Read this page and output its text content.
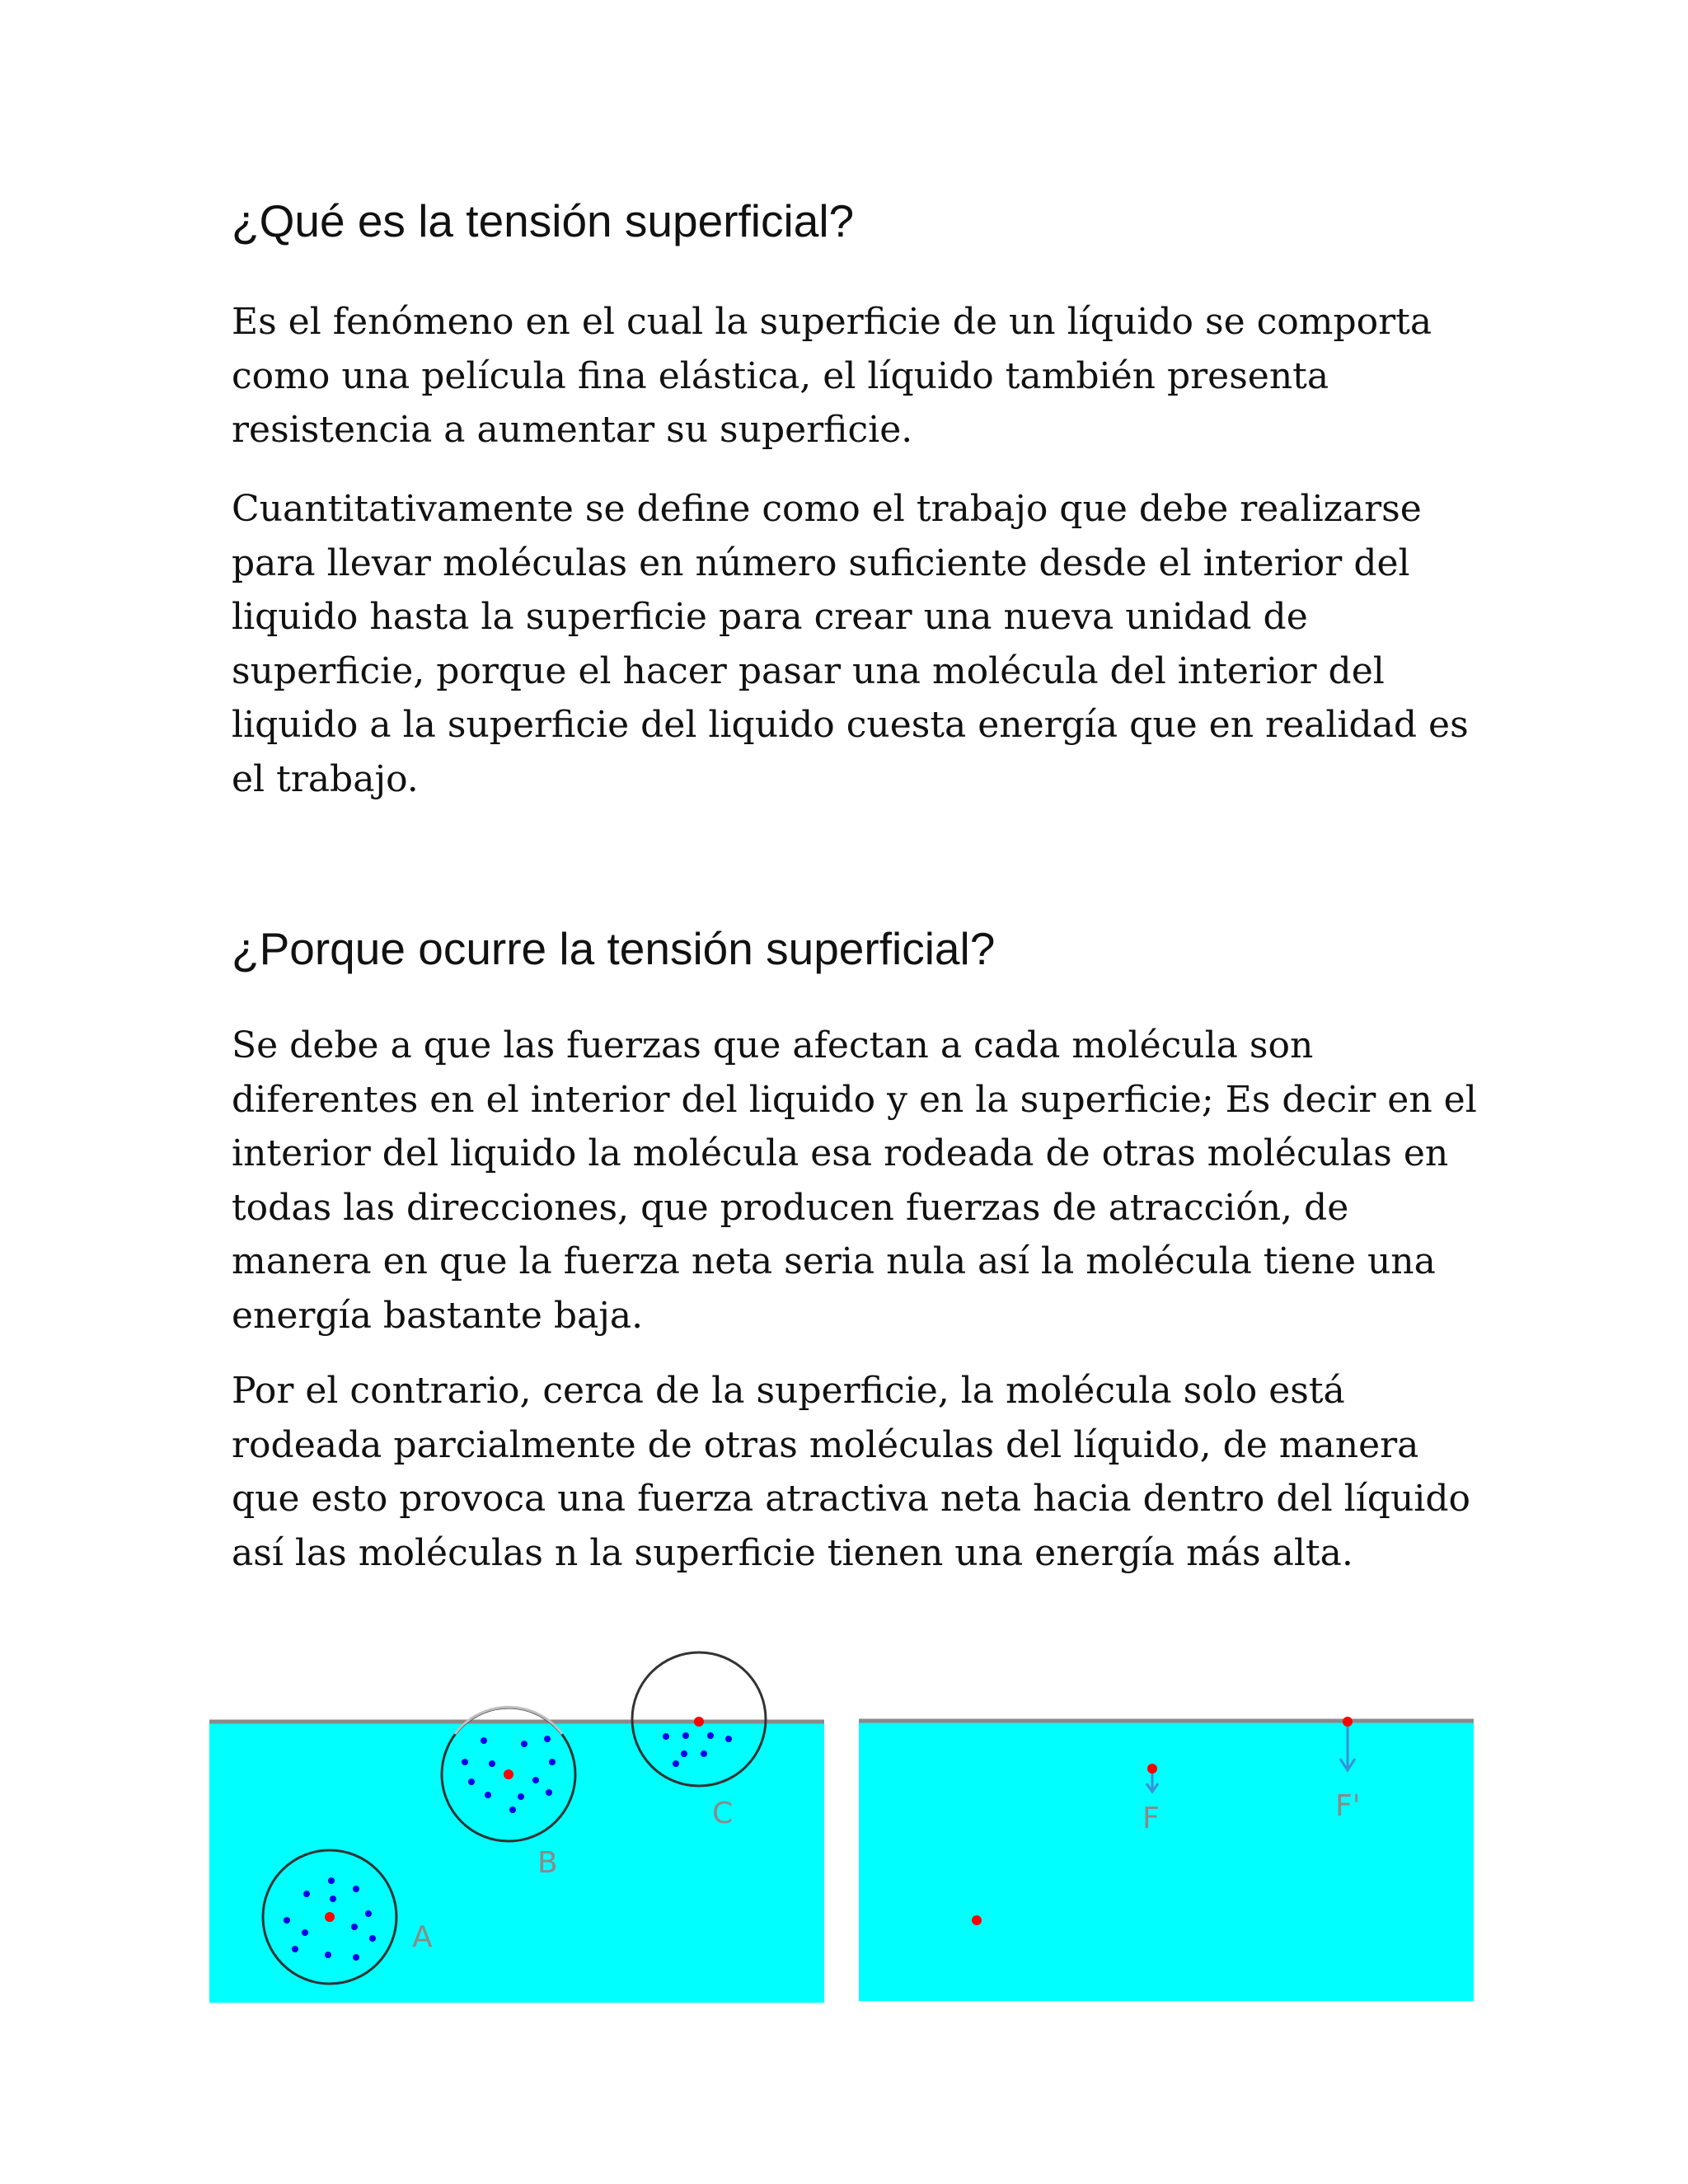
¿Qué es la tensión superficial?

Es el fenómeno en el cual la superficie de un líquido se comporta
como una película fina elástica, el líquido también presenta
resistencia a aumentar su superficie.

Cuantitativamente se define como el trabajo que debe realizarse
para llevar moléculas en número suficiente desde el interior del
liquido hasta la superficie para crear una nueva unidad de
superficie, porque el hacer pasar una molécula del interior del
liquido a la superficie del liquido cuesta energía que en realidad es
el trabajo.

¿Porque ocurre la tensión superficial?

Se debe a que las fuerzas que afectan a cada molécula son
diferentes en el interior del liquido y en la superficie; Es decir en el
interior del liquido la molécula esa rodeada de otras moléculas en
todas las direcciones, que producen fuerzas de atracción, de
manera en que la fuerza neta seria nula así la molécula tiene una
energía bastante baja.

Por el contrario, cerca de la superficie, la molécula solo está
rodeada parcialmente de otras moléculas del líquido, de manera
que esto provoca una fuerza atractiva neta hacia dentro del líquido
así las moléculas n la superficie tienen una energía más alta.

A
B
C	F	F'
